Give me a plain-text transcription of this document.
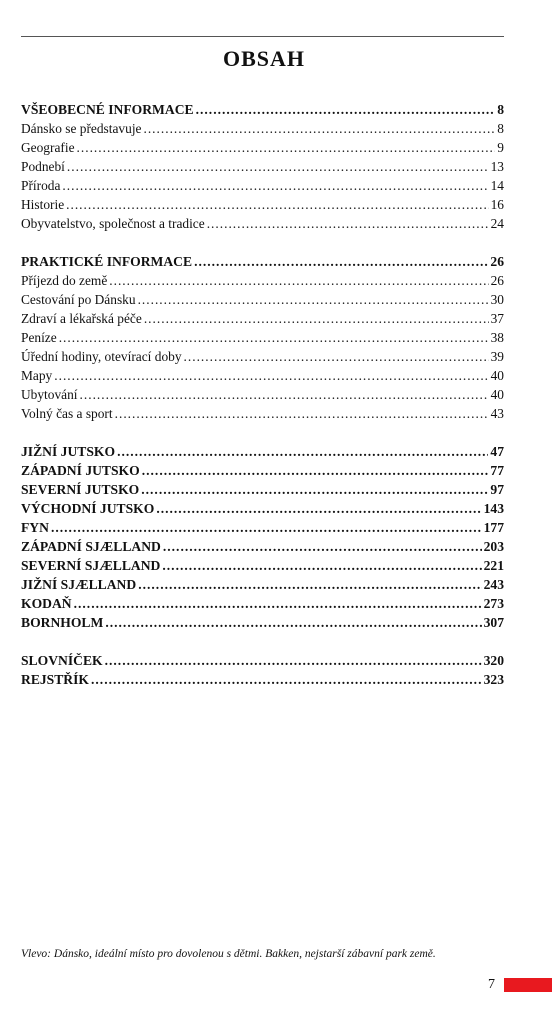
OBSAH
VŠEOBECNÉ INFORMACE .....	8
Dánsko se představuje .....	8
Geografie .....	9
Podnebí .....	13
Příroda .....	14
Historie .....	16
Obyvatelstvo, společnost a tradice .....	24
PRAKTICKÉ INFORMACE .....	26
Příjezd do země .....	26
Cestování po Dánsku .....	30
Zdraví a lékařská péče .....	37
Peníze .....	38
Úřední hodiny, otevírací doby .....	39
Mapy .....	40
Ubytování .....	40
Volný čas a sport .....	43
JIŽNÍ JUTSKO .....	47
ZÁPADNÍ JUTSKO .....	77
SEVERNÍ JUTSKO .....	97
VÝCHODNÍ JUTSKO .....	143
FYN .....	177
ZÁPADNÍ SJÆLLAND .....	203
SEVERNÍ SJÆLLAND .....	221
JIŽNÍ SJÆLLAND .....	243
KODAŇ .....	273
BORNHOLM .....	307
SLOVNÍČEK .....	320
REJSTŘÍK .....	323
Vlevo: Dánsko, ideální místo pro dovolenou s dětmi. Bakken, nejstarší zábavní park země.
7
